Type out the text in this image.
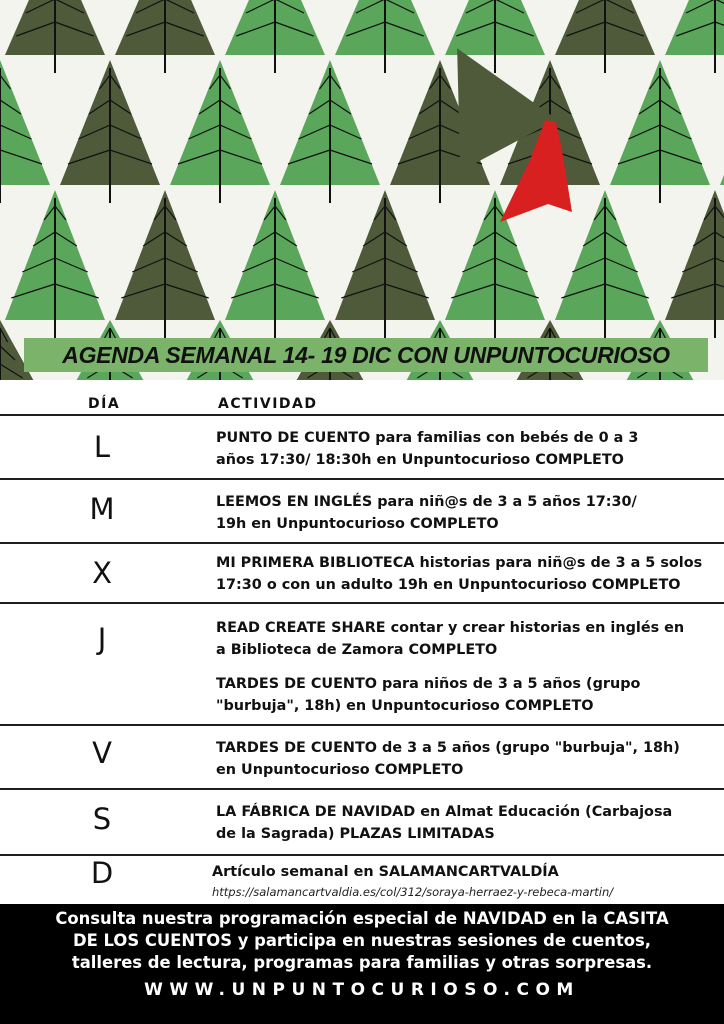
AGENDA SEMANAL 14- 19 DIC CON UNPUNTOCURIOSO
DÍA	ACTIVIDAD
L	PUNTO DE CUENTO para familias con bebés de 0 a 3
años 17:30/ 18:30h en Unpuntocurioso COMPLETO
M	LEEMOS EN INGLÉS para niñ@s de 3 a 5 años 17:30/
19h en Unpuntocurioso COMPLETO
X	MI PRIMERA BIBLIOTECA historias para niñ@s de 3 a 5 solos
17:30 o con un adulto 19h en Unpuntocurioso COMPLETO
J	READ CREATE SHARE contar y crear historias en inglés en
a Biblioteca de Zamora COMPLETO
TARDES DE CUENTO para niños de 3 a 5 años (grupo
"burbuja", 18h) en Unpuntocurioso COMPLETO
V	TARDES DE CUENTO de 3 a 5 años (grupo "burbuja", 18h)
en Unpuntocurioso COMPLETO
S	LA FÁBRICA DE NAVIDAD en Almat Educación (Carbajosa
de la Sagrada) PLAZAS LIMITADAS
D	Artículo semanal en SALAMANCARTVALDÍA
https://salamancartvaldia.es/col/312/soraya-herraez-y-rebeca-martin/

Consulta nuestra programación especial de NAVIDAD en la CASITA
DE LOS CUENTOS y participa en nuestras sesiones de cuentos,
talleres de lectura, programas para familias y otras sorpresas.

WWW.UNPUNTOCURIOSO.COM
